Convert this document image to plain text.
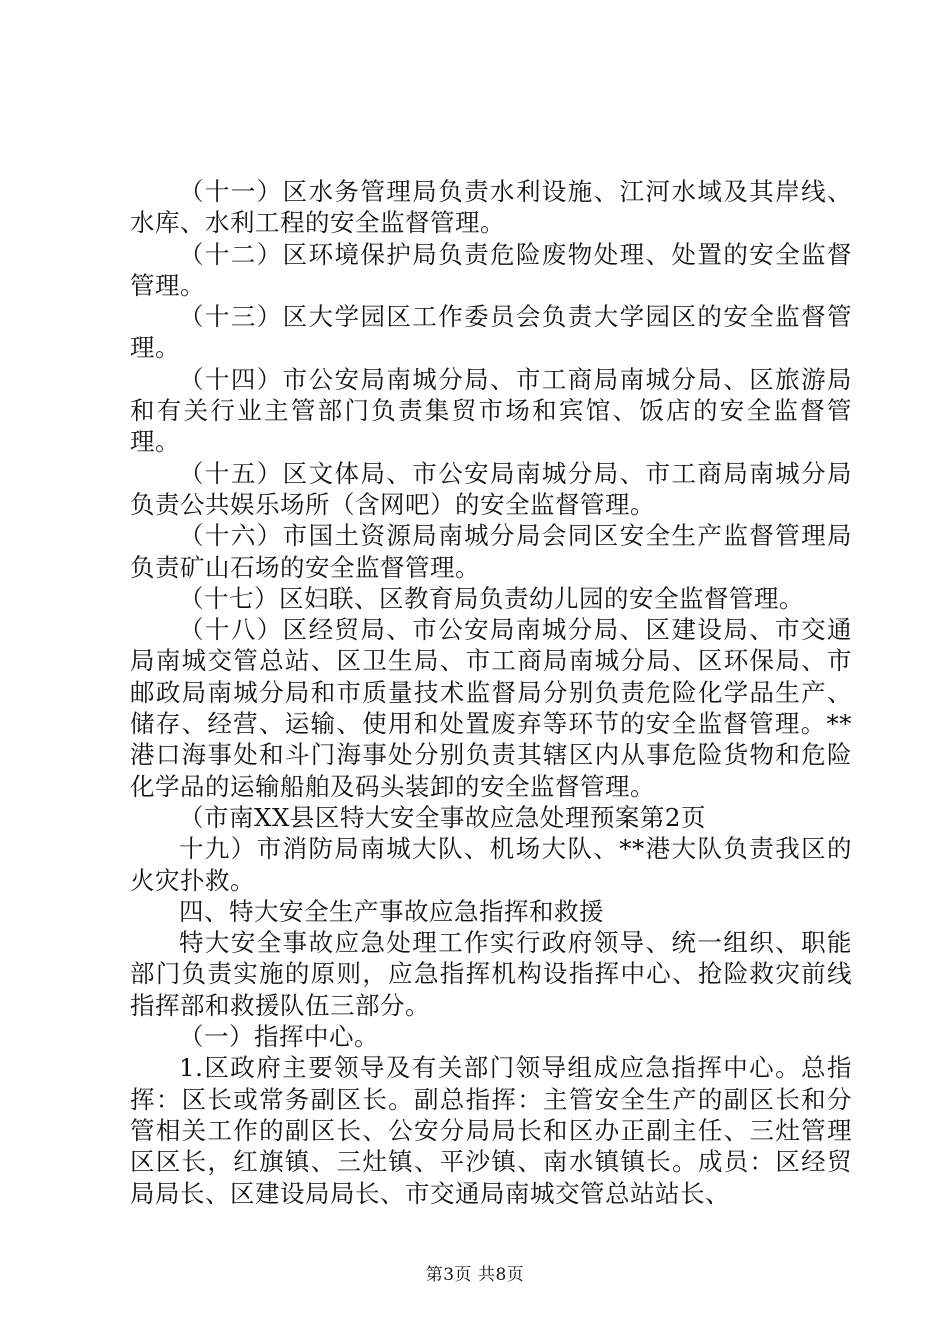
（十一）区水务管理局负责水利设施、江河水域及其岸线、水库、水利工程的安全监督管理。

（十二）区环境保护局负责危险废物处理、处置的安全监督管理。

（十三）区大学园区工作委员会负责大学园区的安全监督管理。

（十四）市公安局南城分局、市工商局南城分局、区旅游局和有关行业主管部门负责集贸市场和宾馆、饭店的安全监督管理。

（十五）区文体局、市公安局南城分局、市工商局南城分局负责公共娱乐场所（含网吧）的安全监督管理。

（十六）市国土资源局南城分局会同区安全生产监督管理局负责矿山石场的安全监督管理。

（十七）区妇联、区教育局负责幼儿园的安全监督管理。

（十八）区经贸局、市公安局南城分局、区建设局、市交通局南城交管总站、区卫生局、市工商局南城分局、区环保局、市邮政局南城分局和市质量技术监督局分别负责危险化学品生产、储存、经营、运输、使用和处置废弃等环节的安全监督管理。**港口海事处和斗门海事处分别负责其辖区内从事危险货物和危险化学品的运输船舶及码头装卸的安全监督管理。

（市南XX县区特大安全事故应急处理预案第2页

十九）市消防局南城大队、机场大队、**港大队负责我区的火灾扑救。

四、特大安全生产事故应急指挥和救援

特大安全事故应急处理工作实行政府领导、统一组织、职能部门负责实施的原则，应急指挥机构设指挥中心、抢险救灾前线指挥部和救援队伍三部分。

（一）指挥中心。

1.区政府主要领导及有关部门领导组成应急指挥中心。总指挥：区长或常务副区长。副总指挥：主管安全生产的副区长和分管相关工作的副区长、公安分局局长和区办正副主任、三灶管理区区长，红旗镇、三灶镇、平沙镇、南水镇镇长。成员：区经贸局局长、区建设局局长、市交通局南城交管总站站长、

第3页 共8页
